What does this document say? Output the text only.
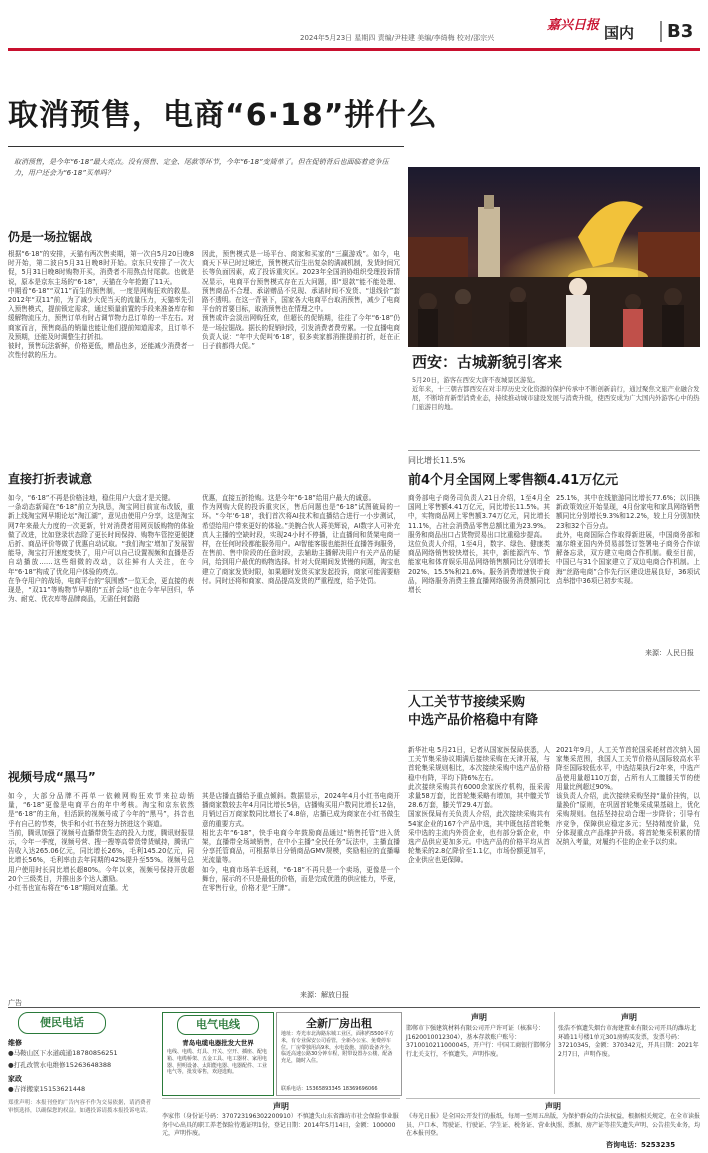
嘉兴日报
2024年5月23日 星期四 责编/尹桂建 美编/李绮梅 校对/邵宗兴	国内	B3
取消预售，电商“6·18”拼什么
取消预售，是今年“6·18”最大亮点。没有预售、定金、尾款等环节，今年“6·18”变简单了。但在促销背后也面临着竞争压力，用户还会为“6·18”买单吗？
仍是一场拉锯战
根据“6·18”的安排，天猫有两次售卖期，第一次自5月20日晚8时开始，第二波自5月31日晚8时开始。京东只安排了一次大促，5月31日晚8时购物开买，消费者不用熬点付尾款。也就是说，原本是京东主场的“6·18”，天猫在今年抢跑了11天。
中期看“6·18”“双11”而生的预售制，一度是网购狂欢的救星。2012年“双11”前，为了减少大促当天的流量压力，天猫率先引入预售模式，提前锁定需求，通过锁量前置的手段来准备库存和缓解物流压力，预售订单有时占调节物力总订单的一半左右。对商家而言，预售商品的销量也能让他们提前知道需求，且订单不及预期，还能及时调整生打折扣。
彼时，预售玩法新鲜，价格更低，赠品也多，还能减少消费者一次性付款的压力。
因此，预售模式是一场平台、商家和买家的“三赢游戏”。如今，电商天下早已时过境迁，预售模式衍生出复杂的满减机制，发货时间冗长等负面因素，成了投诉重灾区。2023年全国消协组织受理投诉情况显示，电商平台预售模式存在五大问题，即“退款”能不能处理、预售商品不合理、承诺赠品不兑现、承诺时间不发货、“退线价”套路不透明。在这一背景下，国家各大电商平台取消预售，减少了电商平台的首要目标，取消预售也在情理之中。
预售或许会淡出网购狂欢，但超长的促销期，往往了今年“6·18”仍是一场拉锯战。据长的促销时段，引发消费者费劳累。一位直播电商负责人说：“年中大促叫‘6·18’，很多卖家都消推提前打折，赶在正日子前都得大促。”
直接打折表诚意
如今，“6·18”不再是价格洼地，稳住用户大盘才是关键。
一条动态新闻在“6·18”前立为执恳，淘宝网目前宣布改版，重新上线淘宝网早期论坛“淘江湖”，意见由使用户分享，这是淘宝网7年来最大力度的一次更新，针对消费者用网页版购物的体验做了改进，比如登录状态除了更长时间保持、购物车管控更便捷后折、商品评价等做了优惠自动试取。“我们淘宝‘增加了发展智能导，淘宝打开速度变快了，用户可以自己设置视频和直播是否自动播放……这些细微的改动，以往鲜有人关注，在今年“6·18”构成了优化用户体验的亮点。
在争夺用户的战场，电商平台的“氛围感”一览无余，更直接的表现是，“双11”等购物节早期的“五折会场”也在今年早回归，华为、耐克、优衣库等品牌商品，无需任何套路
优惠，直接五折抢购。这是今年“6·18”给用户最大的诚意。
作为网购大促的投诉重灾区，售后问题也是“6·18”试图破局的一环。“今年‘6·18’，我们首次将AI技术和直播结合进行一小步测试，希望给用户带来更好的体验。”美腕合伙人蒋美辉说，AI数字人可补充真人主播的空缺时段，实现24小时不停播，让直播间和货架电商一样，在任何时段都能服务用户。AI智能客服也能担任直播答询服务，在售前、售中阶段的任意时段，去辅助主播解决用户有关产品的疑问，给到用户最优的购物选择。针对大促期间发货慢的问题，淘宝也建立了商家发货时限，如果超时发货买家发起投诉，商家可能需要赔付。同时还将和商家、商品提高发货的严重程度，给予处罚。
视频号成“黑马”
如今，大部分品牌不再单一依赖网购狂欢节来拉动销量，“6·18”更像是电商平台的年中考核。淘宝和京东依然是“6·18”的主角，但活跃的视频号成了今年的“黑马”，抖音也乎有自己的节奏，快手和小红书在努力挤进这个赛道。
当前，腾讯加强了视频号直播带货生态的投入力度，腾讯财报显示，今年一季度，视频号营、搜一搜等高带货带货赋持，腾讯广告收入达265.06亿元，同比增长26%，毛利145.20亿元，同比增长56%，毛利率由去年同期的42%提升至55%。视频号总用户使用时长同比增长超80%。今年以来，视频号保持开放超20个三级类目，并推出多个达人激励。
小红书也宣布将在“6·18”期间对直播。尤
其是店播直播给予重点倾斜。数据显示，2024年4月小红书电商开播商家数较去年4月同比增长5倍，店播购买用户数同比增长12倍，月销过百万商家数同比增长了4.8倍，店播已成为商家在小红书做生意的重要方式。
相比去年“6·18”，快手电商今年鼓励商品通过“销售托管”进入货架，直播带全场域销售，在中小主播“全民任务”玩法中，主播直播分享托管商品，可根据单日分销商品GMV规模，奖励相应的直播曝光流量等。
如今，电商市场羊毛返利，“6·18”不再只是一个卖场，更像是一个舞台，展示的不只是最低的价格，而是完成优胜的供应能力，毕竟，在零售行业，价格才是“王牌”。
来源：解放日报
西安：古城新貌引客来
5月20日，游客在西安大唐不夜城景区游览。
近年来，十三朝古都西安在对丰厚历史文化资源的保护传承中不断创新前行，通过聚焦文旅产业融合发展，不断培育新型消费业态，持续推动城市建设发展与消费升级，使西安成为广大国内外游客心中的热门旅游目的地。
同比增长11.5%
前4个月全国网上零售额4.41万亿元
商务部电子商务司负责人21日介绍，1至4月全国网上零售额4.41万亿元，同比增长11.5%。其中，实物商品网上零售额3.74万亿元，同比增长11.1%，占社会消费品零售总额比重为23.9%。服务和商品出口占货物贸易出口比重稳步提高。
这位负责人介绍，1至4月，数字、绿色、健康类商品网络销售较快增长，其中，新能源汽车、节能家电和体育娱乐用品网络销售额同比分别增长202%、15.5%和21.6%。服务消费增速快于商品，网络服务消费主推直播网络服务消费额同比增长
25.1%，其中在线旅游同比增长77.6%；以旧换新政策效应开始显现，4月份家电和家具网络销售额同比分别增长9.3%和12.2%，较上月分别加快23和32个百分点。
此外，电商国际合作取得新进展，中国商务部和塞尔维亚国内外贸易部签订签署电子商务合作谅解备忘录，双方建立电商合作机制。截至目前，中国已与31个国家建立了双边电商合作机制。上海“丝路电商”合作先行区建设进展良好，36项试点举措中36项已初步实现。
来源：人民日报
人工关节节接续采购
中选产品价格稳中有降
新华社电 5月21日，记者从国家医保局获悉，人工关节集采协议期满后接续采购在天津开展，与首轮集采规则相比，本次接续采购中选产品价格稳中有降，平均下降6%左右。
此次接续采购共有6000余家医疗机构，报采需求量58万套，比首轮集采略有增加，其中髋关节28.6万套，膝关节29.4万套。
国家医保局有关负责人介绍，此次接续采购共有54家企业的167个产品中选，其中既包括首轮集采中选的主流内外资企业，也有部分新企业，中选产品供应更加多元。中选产品的价格平均从首轮集采的2.8亿降价至1.1亿，市场份额更加平，企业供应也更保障。
2021年9月，人工关节首轮国采耗材首次纳入国家集采范围，我国人工关节价格从国际较高水平降至国际较低水平，中选结果执行2年来，中选产品使用量超110万套，占所有人工髋膝关节的使用量比例超过90%。
该负责人介绍，此次接续采购坚持“量价挂钩，以量换价”原则，在巩固首轮集采成果基础上，优化采购规则。包括坚持拉动合理一步降价；引导有序竞争，保障供应稳定多元；坚持精度价量，兑分体现重点产品维护升级。将首轮集采积累的情况纳入考量，对履约不佳的企业予以约束。
广告
便民电话
维修
●马鞍山区下水道疏通18780856251
●打孔改管水电维修15263648388
家政
●吉祥搬家15153621448
郑重声明：本报刊登的广告内容不作为交易依据，请消费者审慎选择，以确保您的权益。如遇投诉请拨本报投诉电话。
电气电线
青岛电缆电器批发大世界
电线、电缆、灯具、开关、空开、插座、配电箱、电缆桥架、五金工具、电工器材、家用电器、照明设备、太阳能电器、电器配件、工业电气等，批发零售，欢迎选购。
全新厂房出租
地址：寿光市北海路东城工业区，面积约5500平方米，有专业保安公司看管，全新办公室、免费停车位。厂房带独用高9米，水电设施、消防设备齐全，临近高速公路30分钟车程，附带设置办公楼，配备充足，随时入住。
联系电话：15365893345 18369696066
声明
邯郸市卞强建筑材料有限公司开户许可证（核准号：J1620010012304），基本存款账户账号：3710010211000045，开户行：中国工商银行邯郸分行北关支行，不慎遗失，声明作废。
声明
张浩不慎遗失烟台市海建置业有限公司开具的潍坊北环路11号楼1单元301房购买发票，发票号码：37210345，金额：370342元，开具日期：2021年2月7日，声明作废。
声明
李家伟（身份证号码：370723196302200910）不慎遗失山东省潍坊市社会保险事业服务中心出具的职工养老保险待遇证明1份，登记日期：2014年5月14日，金额：100000元，声明作废。
声明
《寿光日报》是全国公开发行的报纸，每周一至周五出版，为保护群众的合法权益，根据相关规定，在全市读报员、户口本、驾驶证、行驶证、学生证、税务证、营业执照、票据、房产证等挂失遗失声明、公告挂失业务，均在本报刊登。
咨询电话：5253235
